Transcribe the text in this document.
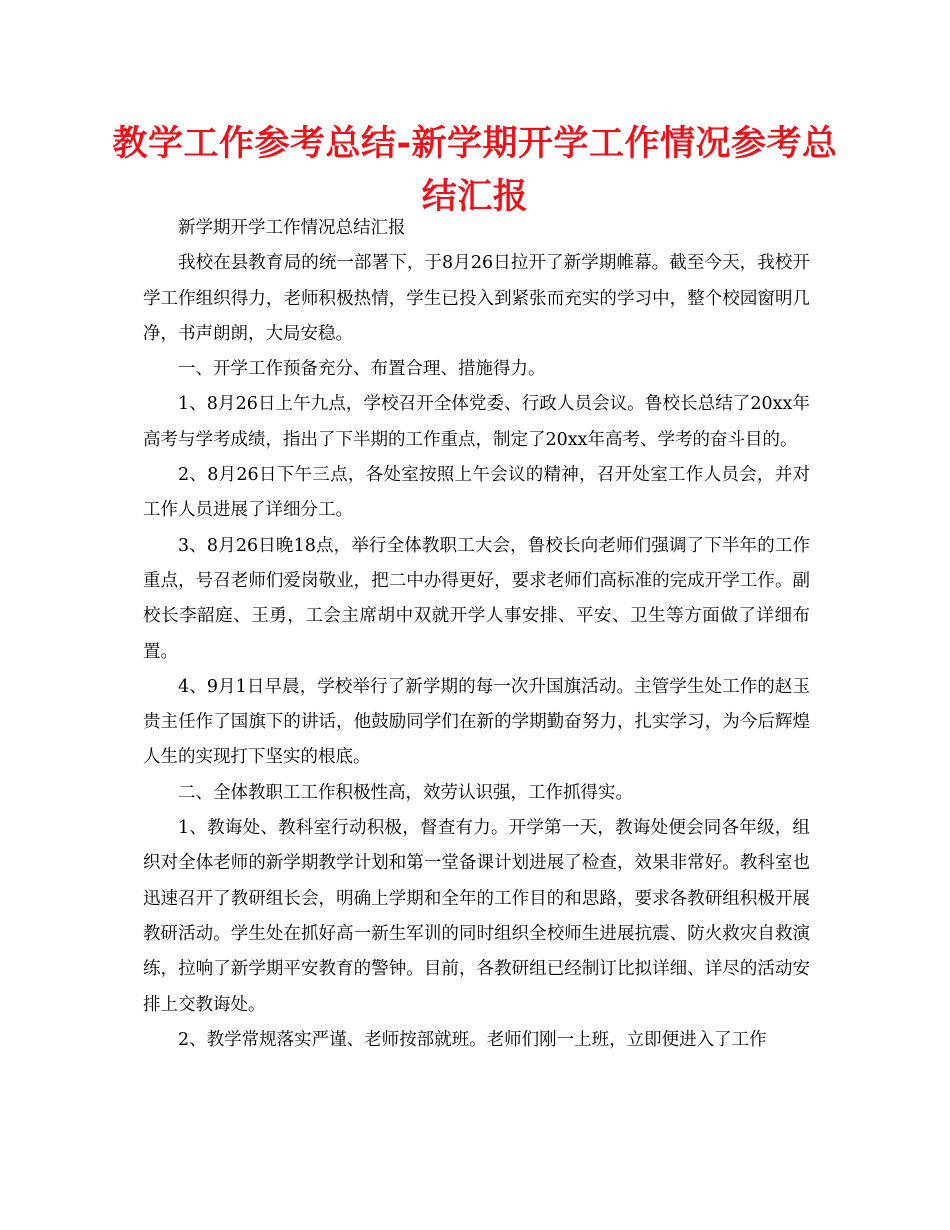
教学工作参考总结-新学期开学工作情况参考总结汇报

新学期开学工作情况总结汇报

我校在县教育局的统一部署下，于8月26日拉开了新学期帷幕。截至今天，我校开学工作组织得力，老师积极热情，学生已投入到紧张而充实的学习中，整个校园窗明几净，书声朗朗，大局安稳。

一、开学工作预备充分、布置合理、措施得力。

1、8月26日上午九点，学校召开全体党委、行政人员会议。鲁校长总结了20xx年高考与学考成绩，指出了下半期的工作重点，制定了20xx年高考、学考的奋斗目的。

2、8月26日下午三点，各处室按照上午会议的精神，召开处室工作人员会，并对工作人员进展了详细分工。

3、8月26日晚18点，举行全体教职工大会，鲁校长向老师们强调了下半年的工作重点，号召老师们爱岗敬业，把二中办得更好，要求老师们高标准的完成开学工作。副校长李韶庭、王勇，工会主席胡中双就开学人事安排、平安、卫生等方面做了详细布置。

4、9月1日早晨，学校举行了新学期的每一次升国旗活动。主管学生处工作的赵玉贵主任作了国旗下的讲话，他鼓励同学们在新的学期勤奋努力，扎实学习，为今后辉煌人生的实现打下坚实的根底。

二、全体教职工工作积极性高，效劳认识强，工作抓得实。

1、教诲处、教科室行动积极，督查有力。开学第一天，教诲处便会同各年级，组织对全体老师的新学期教学计划和第一堂备课计划进展了检查，效果非常好。教科室也迅速召开了教研组长会，明确上学期和全年的工作目的和思路，要求各教研组积极开展教研活动。学生处在抓好高一新生军训的同时组织全校师生进展抗震、防火救灾自救演练，拉响了新学期平安教育的警钟。目前，各教研组已经制订比拟详细、详尽的活动安排上交教诲处。

2、教学常规落实严谨、老师按部就班。老师们刚一上班，立即便进入了工作
